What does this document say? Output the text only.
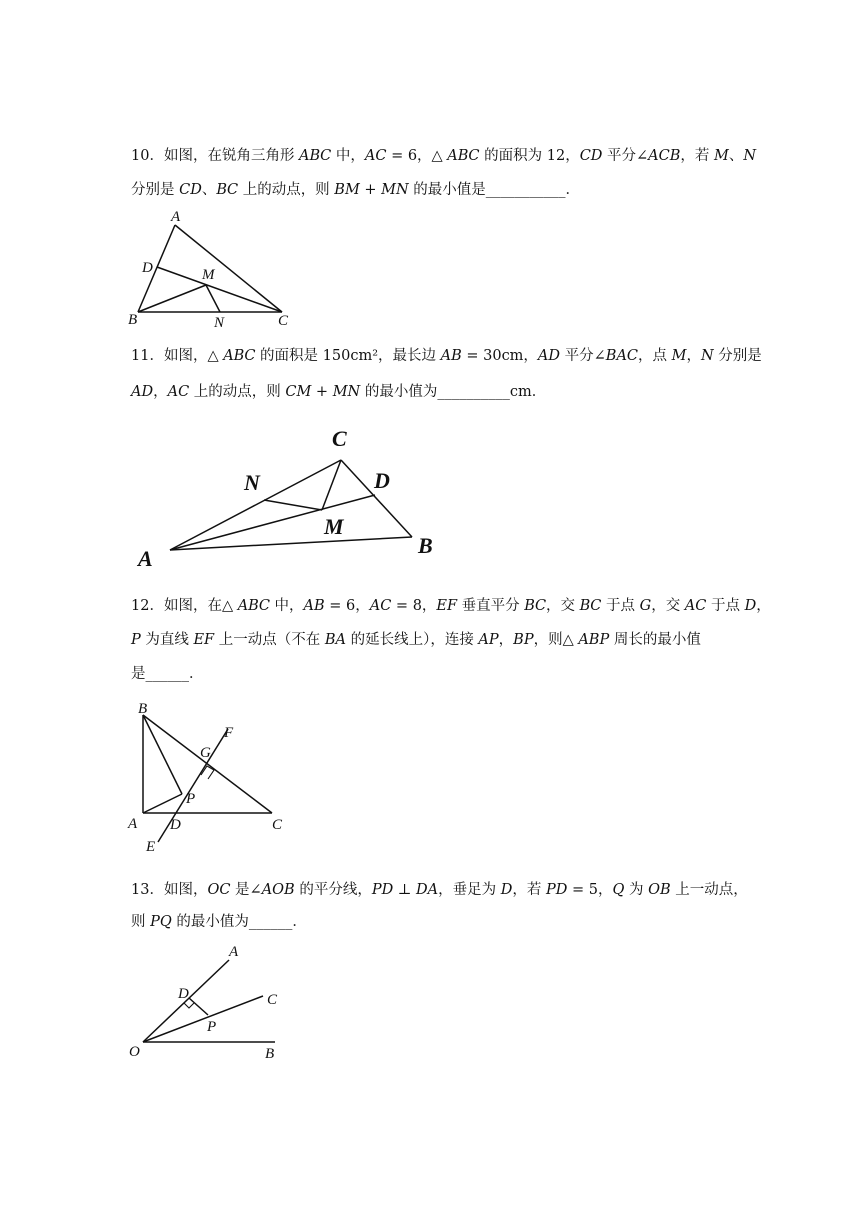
10．如图，在锐角三角形 𝐴𝐵𝐶 中，𝐴𝐶 = 6，△ 𝐴𝐵𝐶 的面积为 12，𝐶𝐷 平分∠𝐴𝐶𝐵，若 𝑀、𝑁
分别是 𝐶𝐷、𝐵𝐶 上的动点，则 𝐵𝑀 + 𝑀𝑁 的最小值是___________．
A
D	M
B	N	C
11．如图，△ 𝐴𝐵𝐶 的面积是 150cm²，最长边 𝐴𝐵 = 30cm，𝐴𝐷 平分∠𝐵𝐴𝐶，点 𝑀，𝑁 分别是
𝐴𝐷，𝐴𝐶 上的动点，则 𝐶𝑀 + 𝑀𝑁 的最小值为__________cm．
C
N	D
M
A
B
12．如图，在△ 𝐴𝐵𝐶 中，𝐴𝐵 = 6，𝐴𝐶 = 8，𝐸𝐹 垂直平分 𝐵𝐶，交 𝐵𝐶 于点 𝐺，交 𝐴𝐶 于点 𝐷，
𝑃 为直线 𝐸𝐹 上一动点（不在 𝐵𝐴 的延长线上），连接 𝐴𝑃，𝐵𝑃，则△ 𝐴𝐵𝑃 周长的最小值
是______．
B
F
G
P
A D	C
E
13．如图，𝑂𝐶 是∠𝐴𝑂𝐵 的平分线，𝑃𝐷 ⊥ 𝐷𝐴，垂足为 𝐷，若 𝑃𝐷 = 5，𝑄 为 𝑂𝐵 上一动点，
则 𝑃𝑄 的最小值为______．
A
D	C
P
O	B
